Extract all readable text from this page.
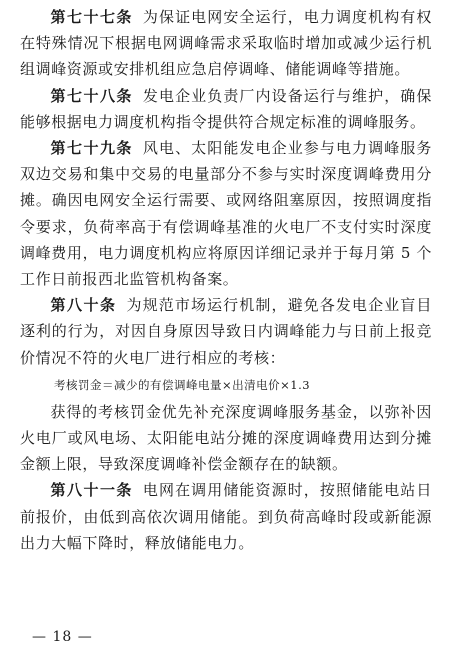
第七十七条 为保证电网安全运行，电力调度机构有权在特殊情况下根据电网调峰需求采取临时增加或减少运行机组调峰资源或安排机组应急启停调峰、储能调峰等措施。

第七十八条 发电企业负责厂内设备运行与维护，确保能够根据电力调度机构指令提供符合规定标准的调峰服务。

第七十九条 风电、太阳能发电企业参与电力调峰服务双边交易和集中交易的电量部分不参与实时深度调峰费用分摊。确因电网安全运行需要、或网络阻塞原因，按照调度指令要求，负荷率高于有偿调峰基准的火电厂不支付实时深度调峰费用，电力调度机构应将原因详细记录并于每月第 5 个工作日前报西北监管机构备案。

第八十条 为规范市场运行机制，避免各发电企业盲目逐利的行为，对因自身原因导致日内调峰能力与日前上报竞价情况不符的火电厂进行相应的考核：

考核罚金＝减少的有偿调峰电量×出清电价×1.3

获得的考核罚金优先补充深度调峰服务基金，以弥补因火电厂或风电场、太阳能电站分摊的深度调峰费用达到分摊金额上限，导致深度调峰补偿金额存在的缺额。

第八十一条 电网在调用储能资源时，按照储能电站日前报价，由低到高依次调用储能。到负荷高峰时段或新能源出力大幅下降时，释放储能电力。

— 18 —
